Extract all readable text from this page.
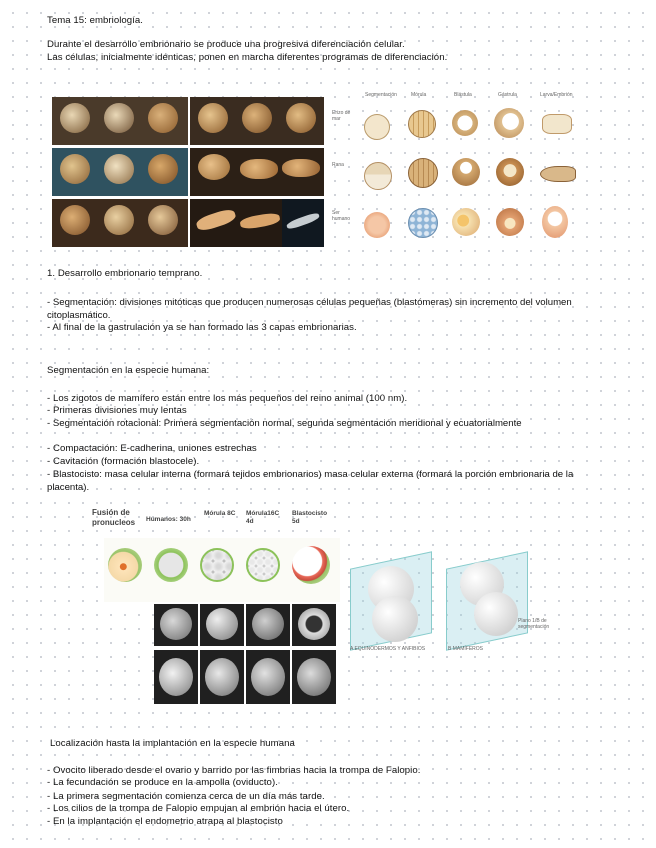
Tema 15: embriología.
Durante el desarrollo embrionario se produce una progresiva diferenciación celular.
Las células, inicialmente idénticas, ponen en marcha diferentes programas de diferenciación.
Segmentación	Mórula	Blástula	Gástrula	Larva/Embrión
Erizo de mar
Rana
Ser humano
1. Desarrollo embrionario temprano.
- Segmentación: divisiones mitóticas que producen numerosas células pequeñas (blastómeras) sin incremento del volumen citoplasmático.
- Al final de la gastrulación ya se han formado las 3 capas embrionarias.
Segmentación en la especie humana:
- Los zigotos de mamífero están entre los más pequeños del reino animal (100 nm).
- Primeras divisiones muy lentas
- Segmentación rotacional: Primera segmentación normal, segunda segmentación meridional y ecuatorialmente
- Compactación: E-cadherina, uniones estrechas
- Cavitación (formación blastocele).
- Blastocisto: masa celular interna (formará tejidos embrionarios) masa celular externa (formará la porción embrionaria de la placenta).
Fusión de pronucleos	Humanos: 30h
Mórula 8C Mórula16C 4d
Blastocisto 5d
A EQUINODERMOS Y ANFIBIOS	B MAMÍFEROS
Plano 1/B de segmentación
Localización hasta la implantación en la especie humana
- Ovocito liberado desde el ovario y barrido por las fimbrias hacia la trompa de Falopio.
- La fecundación se produce en la ampolla (oviducto).
- La primera segmentación comienza cerca de un día más tarde.
- Los cilios de la trompa de Falopio empujan al embrión hacia el útero.
- En la implantación el endometrio atrapa al blastocisto
